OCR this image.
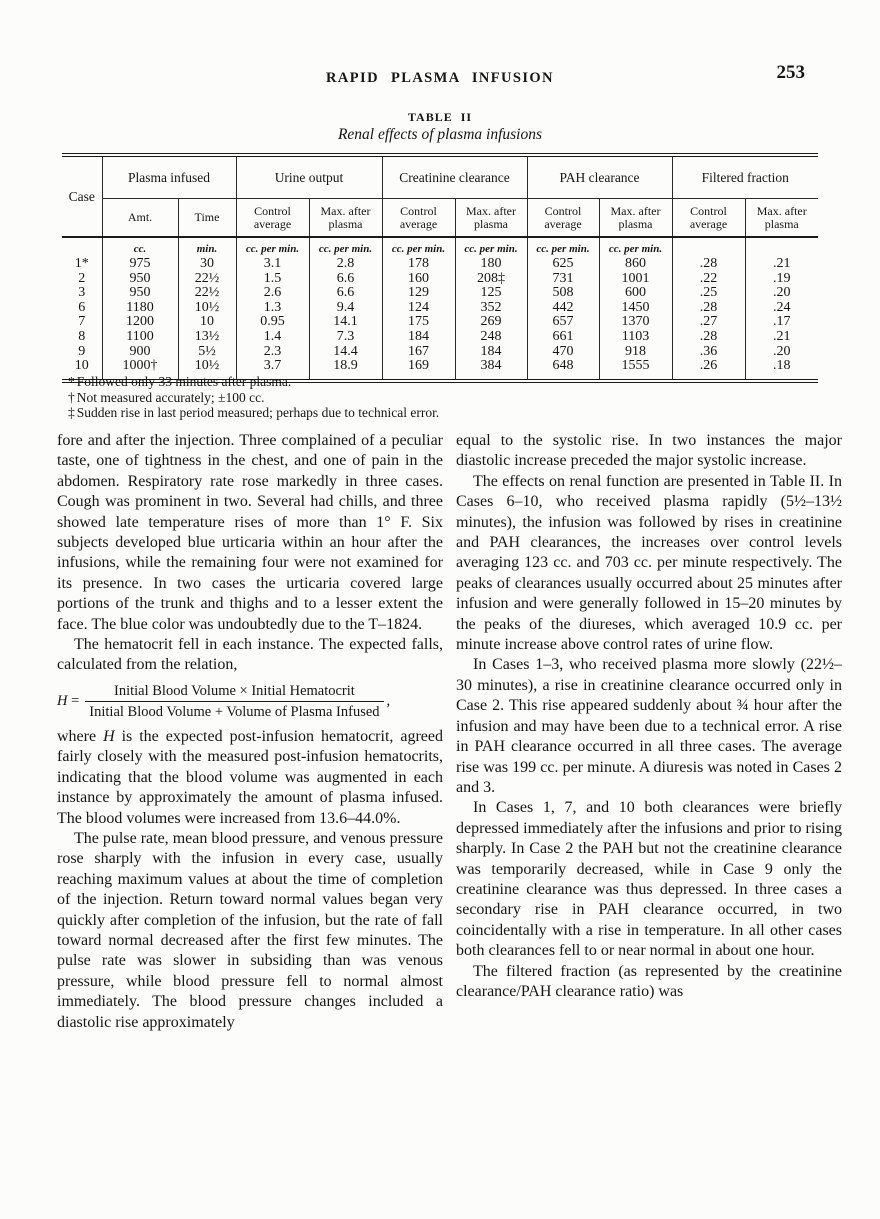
RAPID PLASMA INFUSION	253
TABLE II
Renal effects of plasma infusions
Case	Plasma infused		Urine output		Creatinine clearance		PAH clearance		Filtered fraction	
	Amt.	Time	Control average	Max. after plasma	Control average	Max. after plasma	Control average	Max. after plasma	Control average	Max. after plasma
	cc.	min.	cc. per min.	cc. per min.	cc. per min.	cc. per min.	cc. per min.	cc. per min.		
1*	975	30	3.1	2.8	178	180	625	860	.28	.21
2	950	22½	1.5	6.6	160	208‡	731	1001	.22	.19
3	950	22½	2.6	6.6	129	125	508	600	.25	.20
6	1180	10½	1.3	9.4	124	352	442	1450	.28	.24
7	1200	10	0.95	14.1	175	269	657	1370	.27	.17
8	1100	13½	1.4	7.3	184	248	661	1103	.28	.21
9	900	5½	2.3	14.4	167	184	470	918	.36	.20
10	1000†	10½	3.7	18.9	169	384	648	1555	.26	.18
* Followed only 33 minutes after plasma.
† Not measured accurately; ±100 cc.
‡ Sudden rise in last period measured; perhaps due to technical error.

fore and after the injection. Three complained of a peculiar taste, one of tightness in the chest, and one of pain in the abdomen. Respiratory rate rose markedly in three cases. Cough was prominent in two. Several had chills, and three showed late temperature rises of more than 1° F. Six subjects developed blue urticaria within an hour after the infusions, while the remaining four were not examined for its presence. In two cases the urticaria covered large portions of the trunk and thighs and to a lesser extent the face. The blue color was undoubtedly due to the T–1824.

The hematocrit fell in each instance. The expected falls, calculated from the relation,

$H = \frac{\text{Initial Blood Volume × Initial Hematocrit}}{\text{Initial Blood Volume + Volume of Plasma Infused}}$ ,

where H is the expected post-infusion hematocrit, agreed fairly closely with the measured post-infusion hematocrits, indicating that the blood volume was augmented in each instance by approximately the amount of plasma infused. The blood volumes were increased from 13.6–44.0%.

The pulse rate, mean blood pressure, and venous pressure rose sharply with the infusion in every case, usually reaching maximum values at about the time of completion of the injection. Return toward normal values began very quickly after completion of the infusion, but the rate of fall toward normal decreased after the first few minutes. The pulse rate was slower in subsiding than was venous pressure, while blood pressure fell to normal almost immediately. The blood pressure changes included a diastolic rise approximately

equal to the systolic rise. In two instances the major diastolic increase preceded the major systolic increase.

The effects on renal function are presented in Table II. In Cases 6–10, who received plasma rapidly (5½–13½ minutes), the infusion was followed by rises in creatinine and PAH clearances, the increases over control levels averaging 123 cc. and 703 cc. per minute respectively. The peaks of clearances usually occurred about 25 minutes after infusion and were generally followed in 15–20 minutes by the peaks of the diureses, which averaged 10.9 cc. per minute increase above control rates of urine flow.

In Cases 1–3, who received plasma more slowly (22½–30 minutes), a rise in creatinine clearance occurred only in Case 2. This rise appeared suddenly about ¾ hour after the infusion and may have been due to a technical error. A rise in PAH clearance occurred in all three cases. The average rise was 199 cc. per minute. A diuresis was noted in Cases 2 and 3.

In Cases 1, 7, and 10 both clearances were briefly depressed immediately after the infusions and prior to rising sharply. In Case 2 the PAH but not the creatinine clearance was temporarily decreased, while in Case 9 only the creatinine clearance was thus depressed. In three cases a secondary rise in PAH clearance occurred, in two coincidentally with a rise in temperature. In all other cases both clearances fell to or near normal in about one hour.

The filtered fraction (as represented by the creatinine clearance/PAH clearance ratio) was
